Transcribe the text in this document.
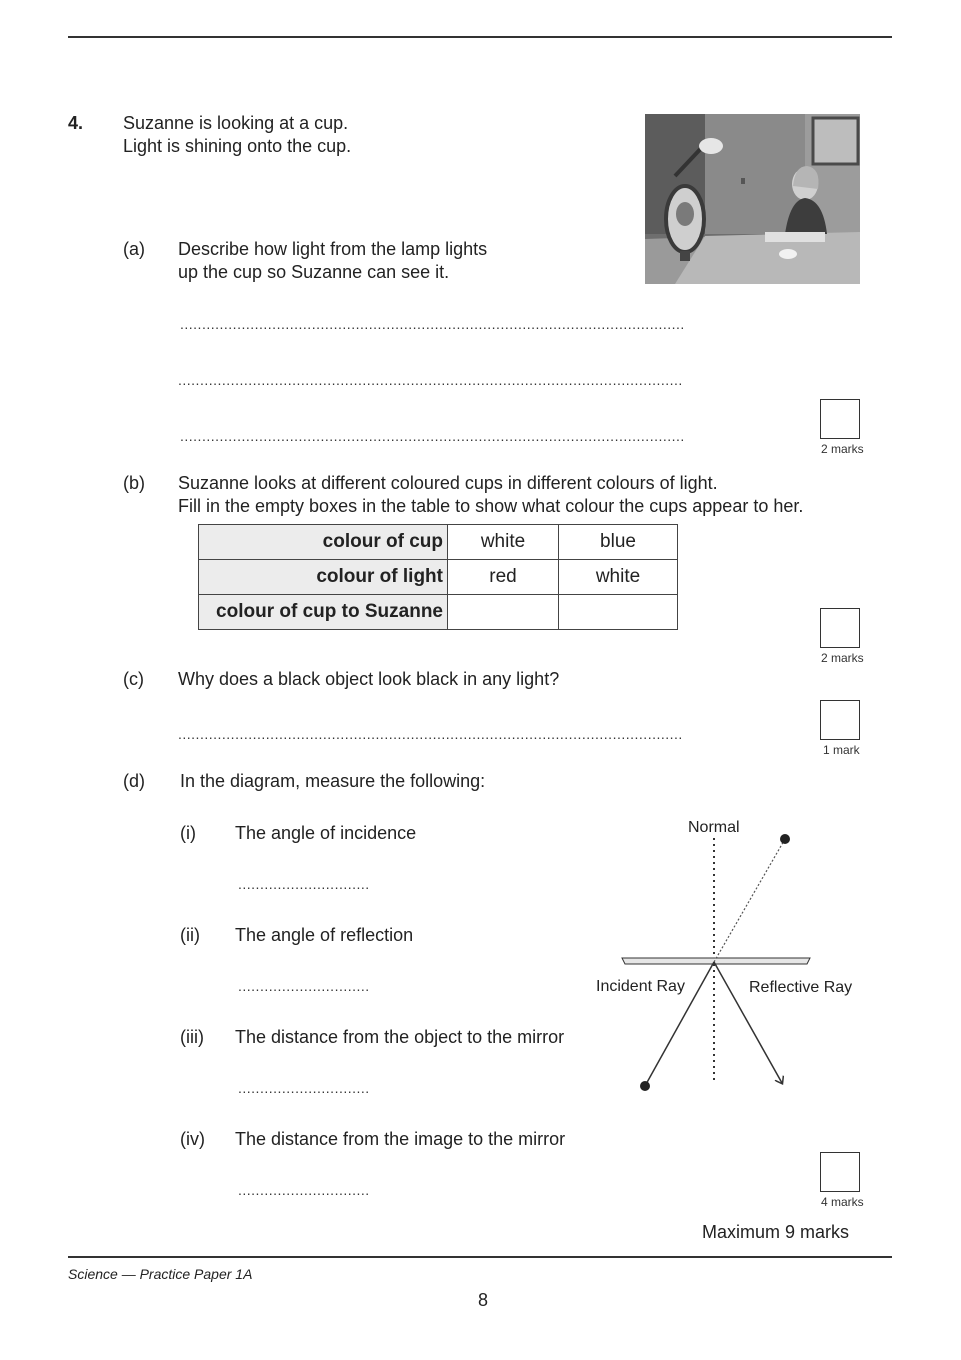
4. Suzanne is looking at a cup.
Light is shining onto the cup.
(a) Describe how light from the lamp lights
up the cup so Suzanne can see it.
...................................................................................................................
...................................................................................................................
...................................................................................................................
2 marks
(b) Suzanne looks at different coloured cups in different colours of light.
Fill in the empty boxes in the table to show what colour the cups appear to her.
colour of cup	white	blue
colour of light	red	white
colour of cup to Suzanne		
2 marks
(c) Why does a black object look black in any light?
...................................................................................................................
1 mark
(d) In the diagram, measure the following:
(i) The angle of incidence
..............................
(ii) The angle of reflection
..............................
(iii) The distance from the object to the mirror
..............................
(iv) The distance from the image to the mirror
..............................
Normal
Incident Ray	Reflective Ray
4 marks
Maximum 9 marks
Science — Practice Paper 1A
8
